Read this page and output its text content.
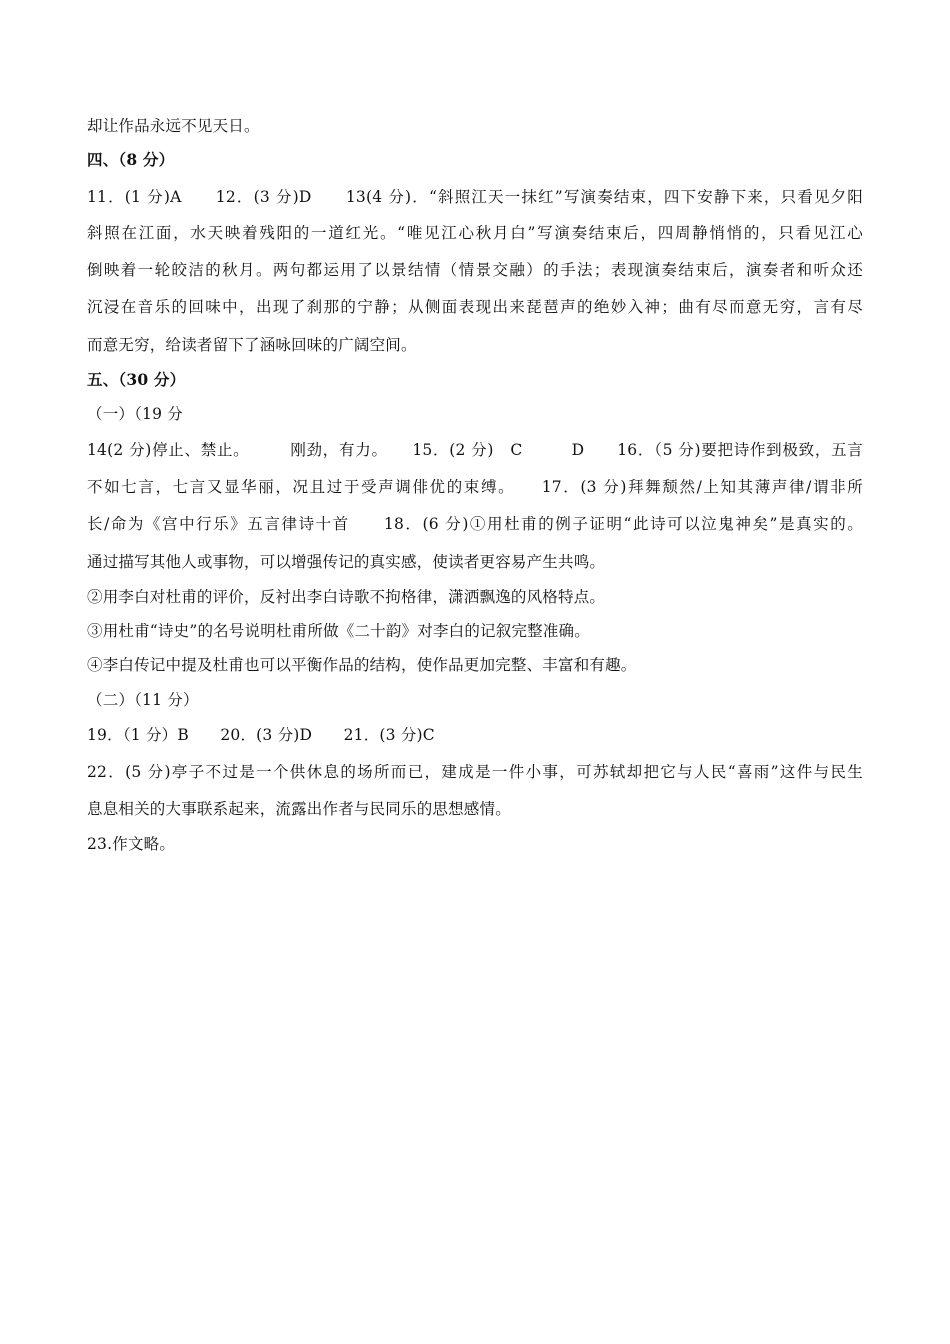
却让作品永远不见天日。
四、（8 分）
11．(1 分)A　　12．(3 分)D　　13(4 分)．“斜照江天一抹红”写演奏结束，四下安静下来，只看见夕阳
斜照在江面，水天映着残阳的一道红光。“唯见江心秋月白”写演奏结束后，四周静悄悄的，只看见江心
倒映着一轮皎洁的秋月。两句都运用了以景结情（情景交融）的手法；表现演奏结束后，演奏者和听众还
沉浸在音乐的回味中，出现了刹那的宁静；从侧面表现出来琵琶声的绝妙入神；曲有尽而意无穷，言有尽
而意无穷，给读者留下了涵咏回味的广阔空间。
五、（30 分）
（一）（19 分
14(2 分)停止、禁止。　　　刚劲，有力。　　15．(2 分)　C　　　D　　16．（5 分)要把诗作到极致，五言
不如七言，七言又显华丽，况且过于受声调俳优的束缚。　　17．(3 分)拜舞颓然/上知其薄声律/谓非所
长/命为《宫中行乐》五言律诗十首　　18．(6 分)①用杜甫的例子证明“此诗可以泣鬼神矣”是真实的。
通过描写其他人或事物，可以增强传记的真实感，使读者更容易产生共鸣。
②用李白对杜甫的评价，反衬出李白诗歌不拘格律，潇洒飘逸的风格特点。
③用杜甫“诗史”的名号说明杜甫所做《二十韵》对李白的记叙完整准确。
④李白传记中提及杜甫也可以平衡作品的结构，使作品更加完整、丰富和有趣。
（二）（11 分）
19．（1 分）B　　20．(3 分)D　　21．(3 分)C
22．(5 分)亭子不过是一个供休息的场所而已，建成是一件小事，可苏轼却把它与人民“喜雨”这件与民生
息息相关的大事联系起来，流露出作者与民同乐的思想感情。
23.作文略。
